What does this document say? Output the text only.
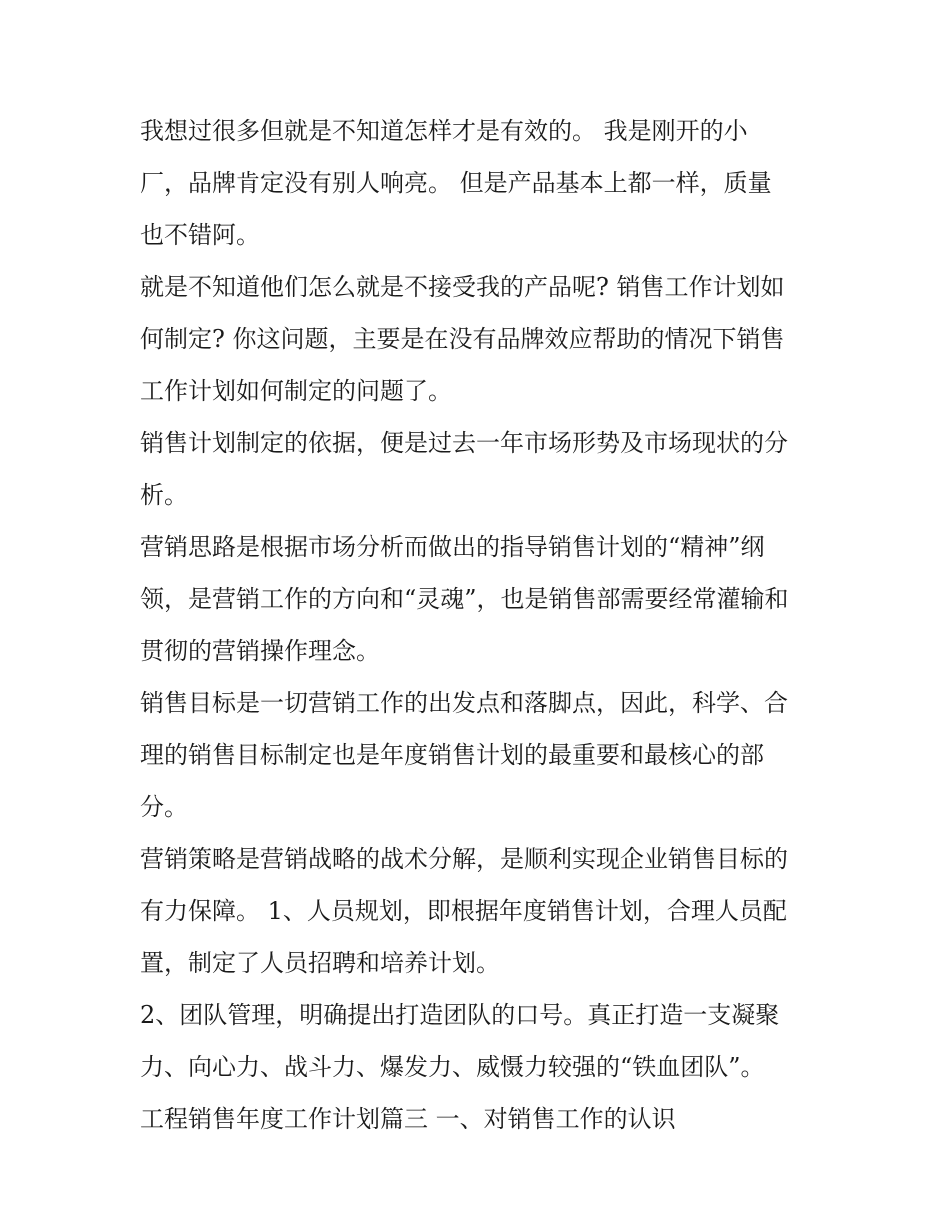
我想过很多但就是不知道怎样才是有效的。 我是刚开的小
厂，品牌肯定没有别人响亮。 但是产品基本上都一样，质量
也不错阿。
就是不知道他们怎么就是不接受我的产品呢? 销售工作计划如
何制定? 你这问题，主要是在没有品牌效应帮助的情况下销售
工作计划如何制定的问题了。
销售计划制定的依据，便是过去一年市场形势及市场现状的分
析。
营销思路是根据市场分析而做出的指导销售计划的“精神”纲
领，是营销工作的方向和“灵魂”，也是销售部需要经常灌输和
贯彻的营销操作理念。
销售目标是一切营销工作的出发点和落脚点，因此，科学、合
理的销售目标制定也是年度销售计划的最重要和最核心的部
分。
营销策略是营销战略的战术分解，是顺利实现企业销售目标的
有力保障。 1、人员规划，即根据年度销售计划，合理人员配
置，制定了人员招聘和培养计划。
2、团队管理，明确提出打造团队的口号。真正打造一支凝聚
力、向心力、战斗力、爆发力、威慑力较强的“铁血团队”。
工程销售年度工作计划篇三 一、对销售工作的认识
